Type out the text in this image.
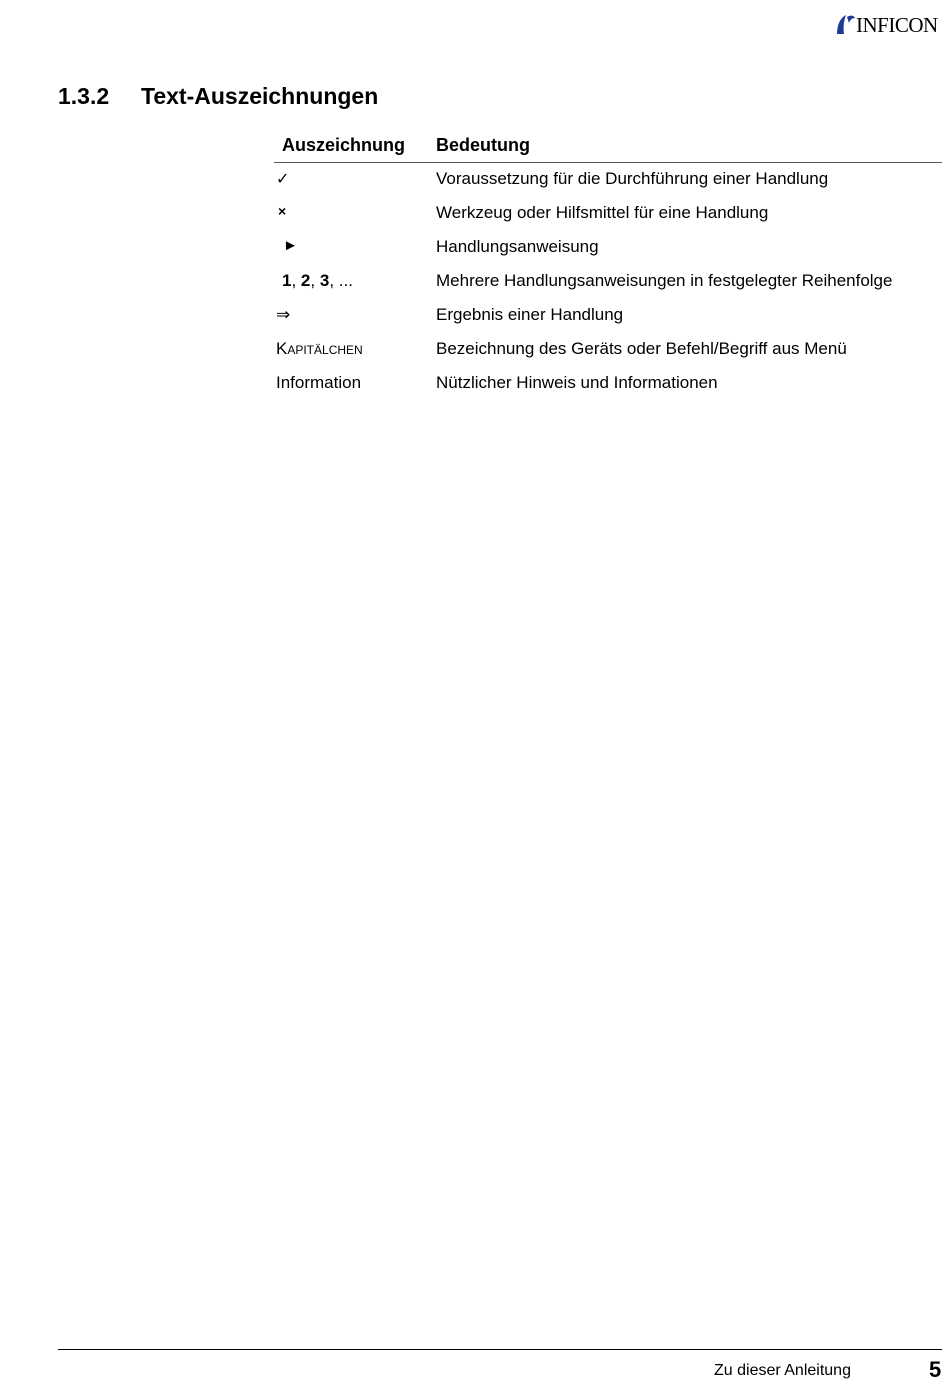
INFICON
1.3.2 Text-Auszeichnungen
Auszeichnung Bedeutung
✓	Voraussetzung für die Durchführung einer Handlung
×	Werkzeug oder Hilfsmittel für eine Handlung
►	Handlungsanweisung
1, 2, 3, ...	Mehrere Handlungsanweisungen in festgelegter Reihenfolge
⇒	Ergebnis einer Handlung
Kapitälchen	Bezeichnung des Geräts oder Befehl/Begriff aus Menü
Information	Nützlicher Hinweis und Informationen
Zu dieser Anleitung	5
